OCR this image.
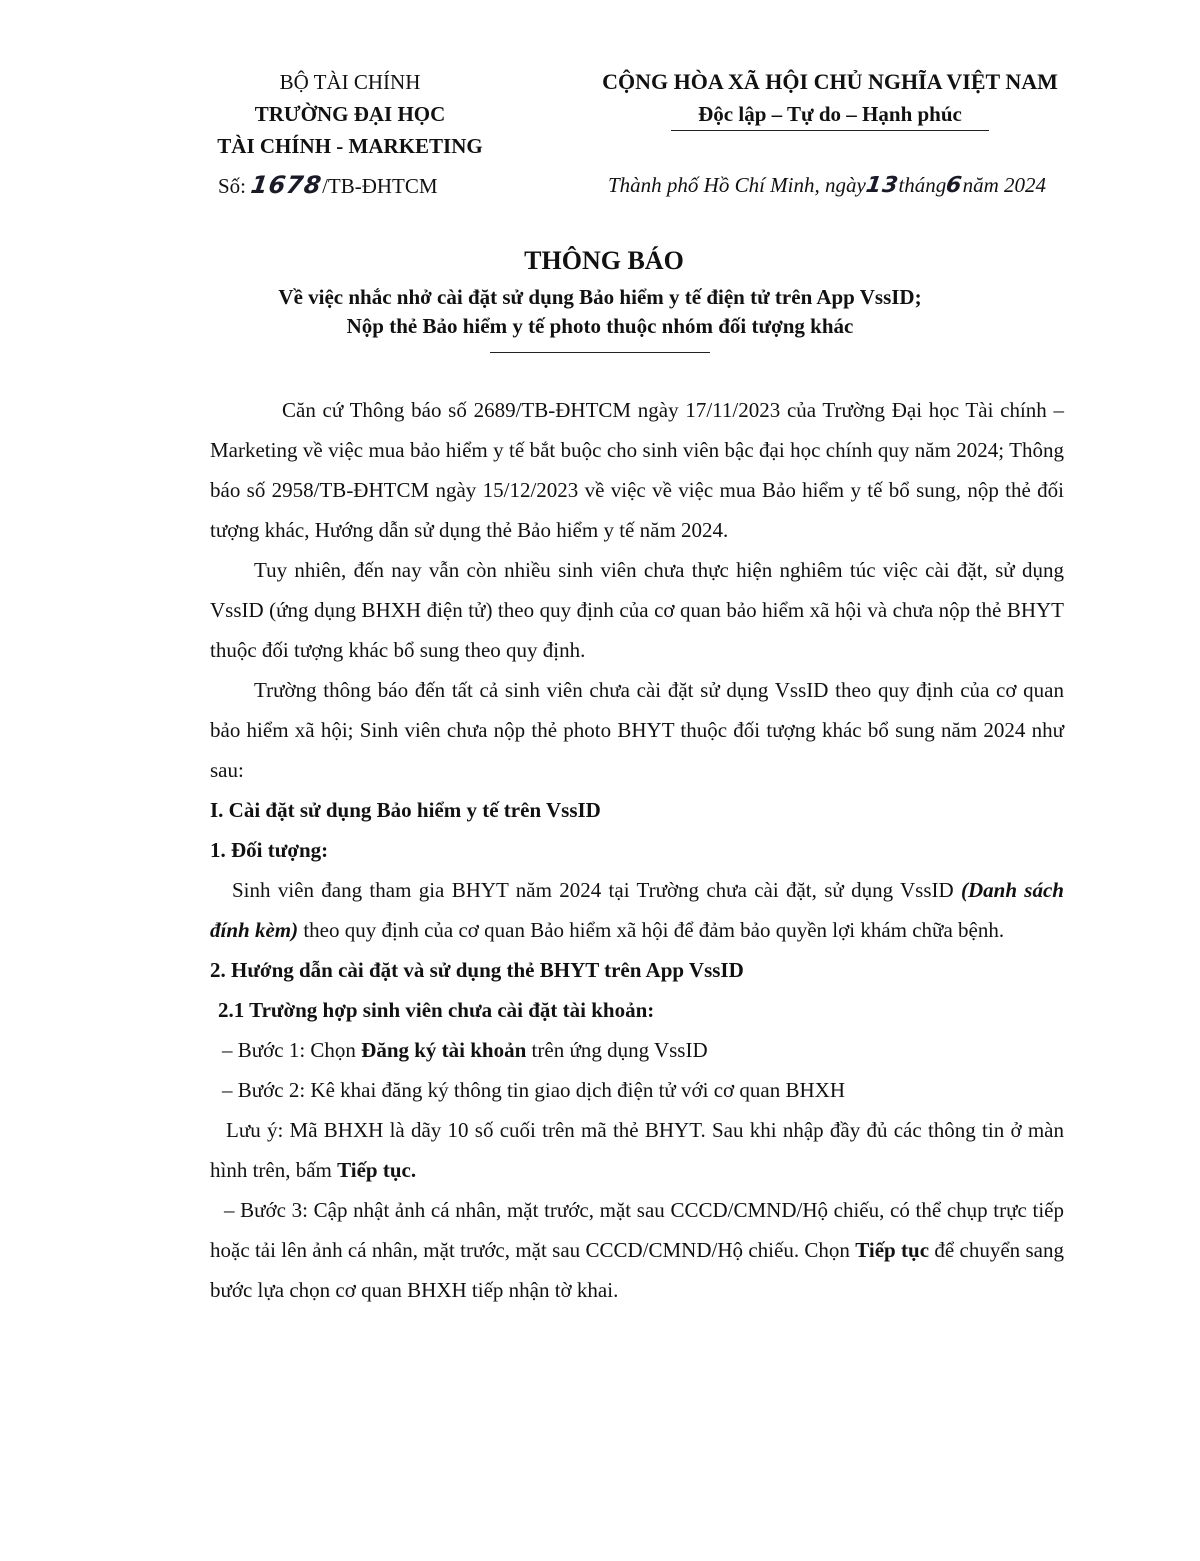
BỘ TÀI CHÍNH
TRƯỜNG ĐẠI HỌC
TÀI CHÍNH - MARKETING
CỘNG HÒA XÃ HỘI CHỦ NGHĨA VIỆT NAM
Độc lập – Tự do – Hạnh phúc
Số: 1678/TB-ĐHTCM	Thành phố Hồ Chí Minh, ngày13tháng6năm 2024
THÔNG BÁO
Về việc nhắc nhở cài đặt sử dụng Bảo hiểm y tế điện tử trên App VssID;
Nộp thẻ Bảo hiểm y tế photo thuộc nhóm đối tượng khác

Căn cứ Thông báo số 2689/TB-ĐHTCM ngày 17/11/2023 của Trường Đại học Tài chính – Marketing về việc mua bảo hiểm y tế bắt buộc cho sinh viên bậc đại học chính quy năm 2024; Thông báo số 2958/TB-ĐHTCM ngày 15/12/2023 về việc về việc mua Bảo hiểm y tế bổ sung, nộp thẻ đối tượng khác, Hướng dẫn sử dụng thẻ Bảo hiểm y tế năm 2024.

Tuy nhiên, đến nay vẫn còn nhiều sinh viên chưa thực hiện nghiêm túc việc cài đặt, sử dụng VssID (ứng dụng BHXH điện tử) theo quy định của cơ quan bảo hiểm xã hội và chưa nộp thẻ BHYT thuộc đối tượng khác bổ sung theo quy định.

Trường thông báo đến tất cả sinh viên chưa cài đặt sử dụng VssID theo quy định của cơ quan bảo hiểm xã hội; Sinh viên chưa nộp thẻ photo BHYT thuộc đối tượng khác bổ sung năm 2024 như sau:

I. Cài đặt sử dụng Bảo hiểm y tế trên VssID

1. Đối tượng:

Sinh viên đang tham gia BHYT năm 2024 tại Trường chưa cài đặt, sử dụng VssID (Danh sách đính kèm) theo quy định của cơ quan Bảo hiểm xã hội để đảm bảo quyền lợi khám chữa bệnh.

2. Hướng dẫn cài đặt và sử dụng thẻ BHYT trên App VssID

2.1 Trường hợp sinh viên chưa cài đặt tài khoản:

– Bước 1: Chọn Đăng ký tài khoản trên ứng dụng VssID

– Bước 2: Kê khai đăng ký thông tin giao dịch điện tử với cơ quan BHXH

Lưu ý: Mã BHXH là dãy 10 số cuối trên mã thẻ BHYT. Sau khi nhập đầy đủ các thông tin ở màn hình trên, bấm Tiếp tục.

– Bước 3: Cập nhật ảnh cá nhân, mặt trước, mặt sau CCCD/CMND/Hộ chiếu, có thể chụp trực tiếp hoặc tải lên ảnh cá nhân, mặt trước, mặt sau CCCD/CMND/Hộ chiếu. Chọn Tiếp tục để chuyển sang bước lựa chọn cơ quan BHXH tiếp nhận tờ khai.
